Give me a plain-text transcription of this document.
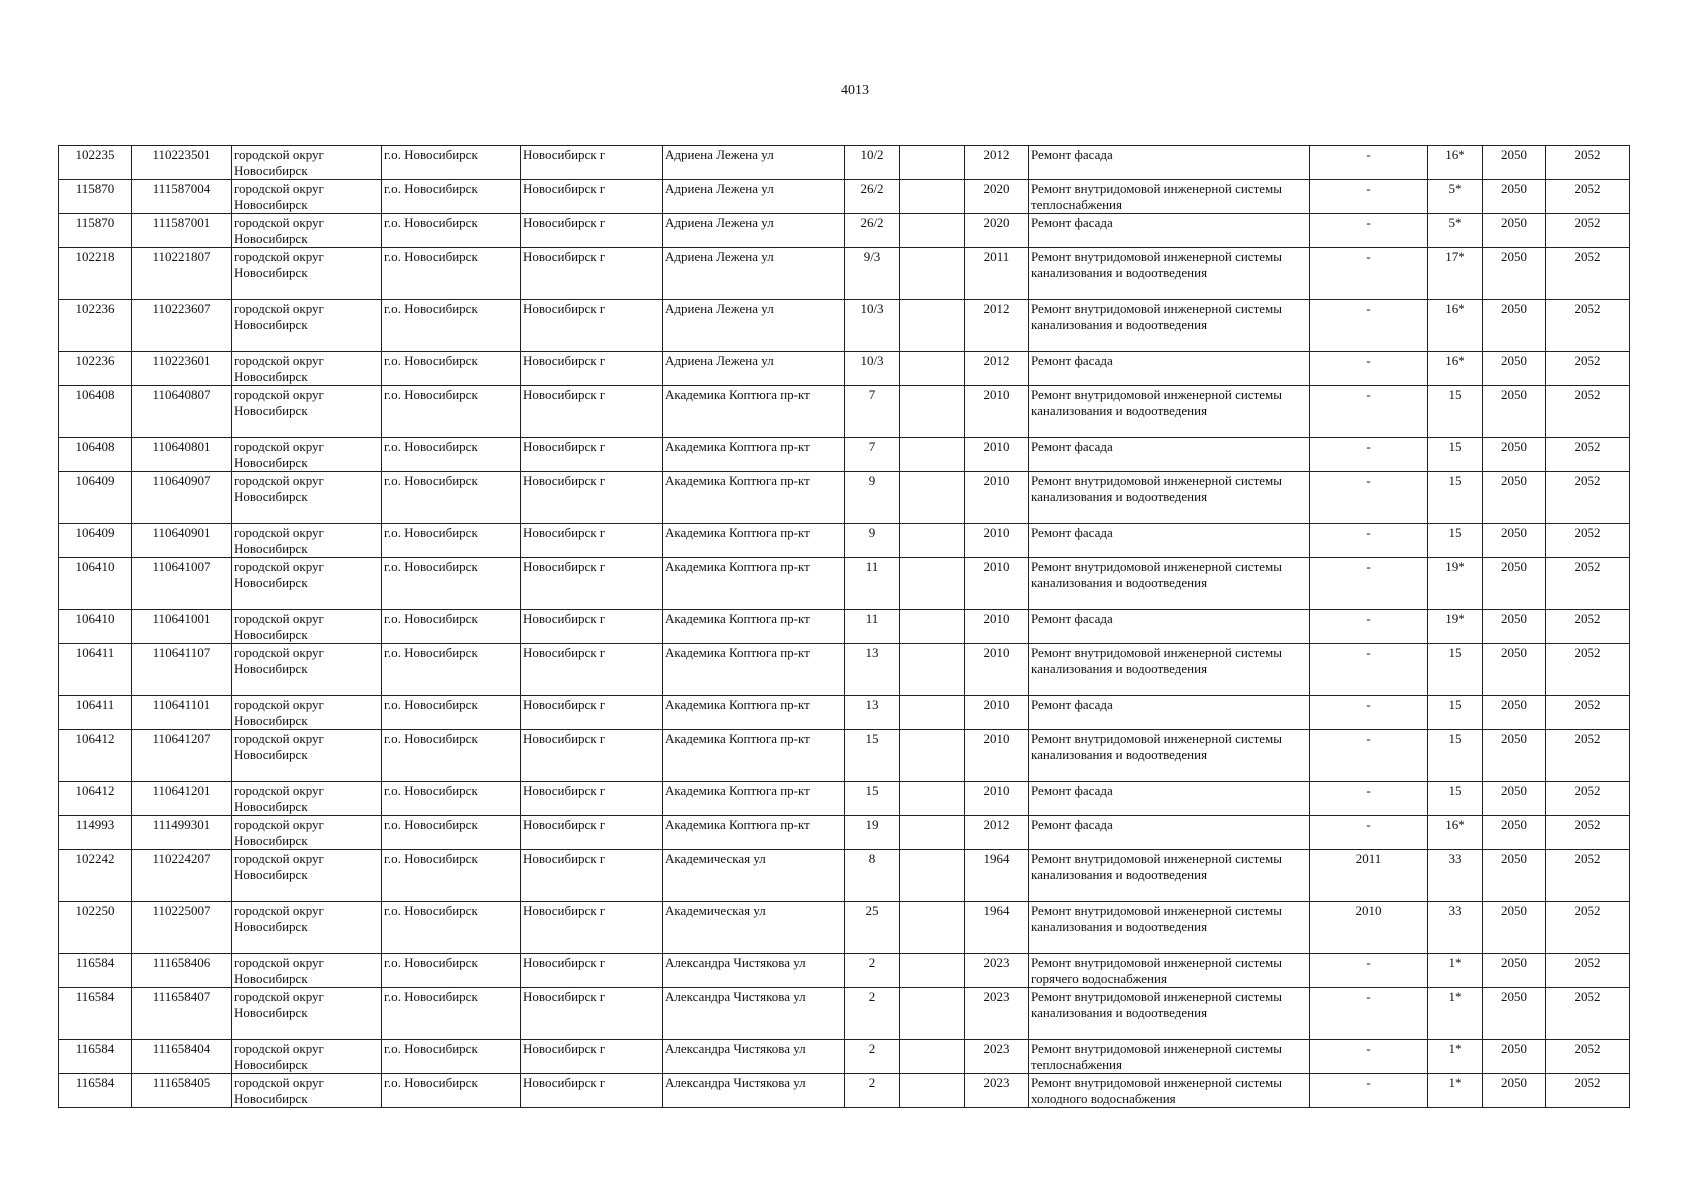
4013
102235	110223501	городской округ Новосибирск	г.о. Новосибирск	Новосибирск г	Адриена Лежена ул	10/2		2012	Ремонт фасада	-	16*	2050	2052
115870	111587004	городской округ Новосибирск	г.о. Новосибирск	Новосибирск г	Адриена Лежена ул	26/2		2020	Ремонт внутридомовой инженерной системы теплоснабжения	-	5*	2050	2052
115870	111587001	городской округ Новосибирск	г.о. Новосибирск	Новосибирск г	Адриена Лежена ул	26/2		2020	Ремонт фасада	-	5*	2050	2052
102218	110221807	городской округ Новосибирск	г.о. Новосибирск	Новосибирск г	Адриена Лежена ул	9/3		2011	Ремонт внутридомовой инженерной системы канализования и водоотведения	-	17*	2050	2052
102236	110223607	городской округ Новосибирск	г.о. Новосибирск	Новосибирск г	Адриена Лежена ул	10/3		2012	Ремонт внутридомовой инженерной системы канализования и водоотведения	-	16*	2050	2052
102236	110223601	городской округ Новосибирск	г.о. Новосибирск	Новосибирск г	Адриена Лежена ул	10/3		2012	Ремонт фасада	-	16*	2050	2052
106408	110640807	городской округ Новосибирск	г.о. Новосибирск	Новосибирск г	Академика Коптюга пр-кт	7		2010	Ремонт внутридомовой инженерной системы канализования и водоотведения	-	15	2050	2052
106408	110640801	городской округ Новосибирск	г.о. Новосибирск	Новосибирск г	Академика Коптюга пр-кт	7		2010	Ремонт фасада	-	15	2050	2052
106409	110640907	городской округ Новосибирск	г.о. Новосибирск	Новосибирск г	Академика Коптюга пр-кт	9		2010	Ремонт внутридомовой инженерной системы канализования и водоотведения	-	15	2050	2052
106409	110640901	городской округ Новосибирск	г.о. Новосибирск	Новосибирск г	Академика Коптюга пр-кт	9		2010	Ремонт фасада	-	15	2050	2052
106410	110641007	городской округ Новосибирск	г.о. Новосибирск	Новосибирск г	Академика Коптюга пр-кт	11		2010	Ремонт внутридомовой инженерной системы канализования и водоотведения	-	19*	2050	2052
106410	110641001	городской округ Новосибирск	г.о. Новосибирск	Новосибирск г	Академика Коптюга пр-кт	11		2010	Ремонт фасада	-	19*	2050	2052
106411	110641107	городской округ Новосибирск	г.о. Новосибирск	Новосибирск г	Академика Коптюга пр-кт	13		2010	Ремонт внутридомовой инженерной системы канализования и водоотведения	-	15	2050	2052
106411	110641101	городской округ Новосибирск	г.о. Новосибирск	Новосибирск г	Академика Коптюга пр-кт	13		2010	Ремонт фасада	-	15	2050	2052
106412	110641207	городской округ Новосибирск	г.о. Новосибирск	Новосибирск г	Академика Коптюга пр-кт	15		2010	Ремонт внутридомовой инженерной системы канализования и водоотведения	-	15	2050	2052
106412	110641201	городской округ Новосибирск	г.о. Новосибирск	Новосибирск г	Академика Коптюга пр-кт	15		2010	Ремонт фасада	-	15	2050	2052
114993	111499301	городской округ Новосибирск	г.о. Новосибирск	Новосибирск г	Академика Коптюга пр-кт	19		2012	Ремонт фасада	-	16*	2050	2052
102242	110224207	городской округ Новосибирск	г.о. Новосибирск	Новосибирск г	Академическая ул	8		1964	Ремонт внутридомовой инженерной системы канализования и водоотведения	2011	33	2050	2052
102250	110225007	городской округ Новосибирск	г.о. Новосибирск	Новосибирск г	Академическая ул	25		1964	Ремонт внутридомовой инженерной системы канализования и водоотведения	2010	33	2050	2052
116584	111658406	городской округ Новосибирск	г.о. Новосибирск	Новосибирск г	Александра Чистякова ул	2		2023	Ремонт внутридомовой инженерной системы горячего водоснабжения	-	1*	2050	2052
116584	111658407	городской округ Новосибирск	г.о. Новосибирск	Новосибирск г	Александра Чистякова ул	2		2023	Ремонт внутридомовой инженерной системы канализования и водоотведения	-	1*	2050	2052
116584	111658404	городской округ Новосибирск	г.о. Новосибирск	Новосибирск г	Александра Чистякова ул	2		2023	Ремонт внутридомовой инженерной системы теплоснабжения	-	1*	2050	2052
116584	111658405	городской округ Новосибирск	г.о. Новосибирск	Новосибирск г	Александра Чистякова ул	2		2023	Ремонт внутридомовой инженерной системы холодного водоснабжения	-	1*	2050	2052
